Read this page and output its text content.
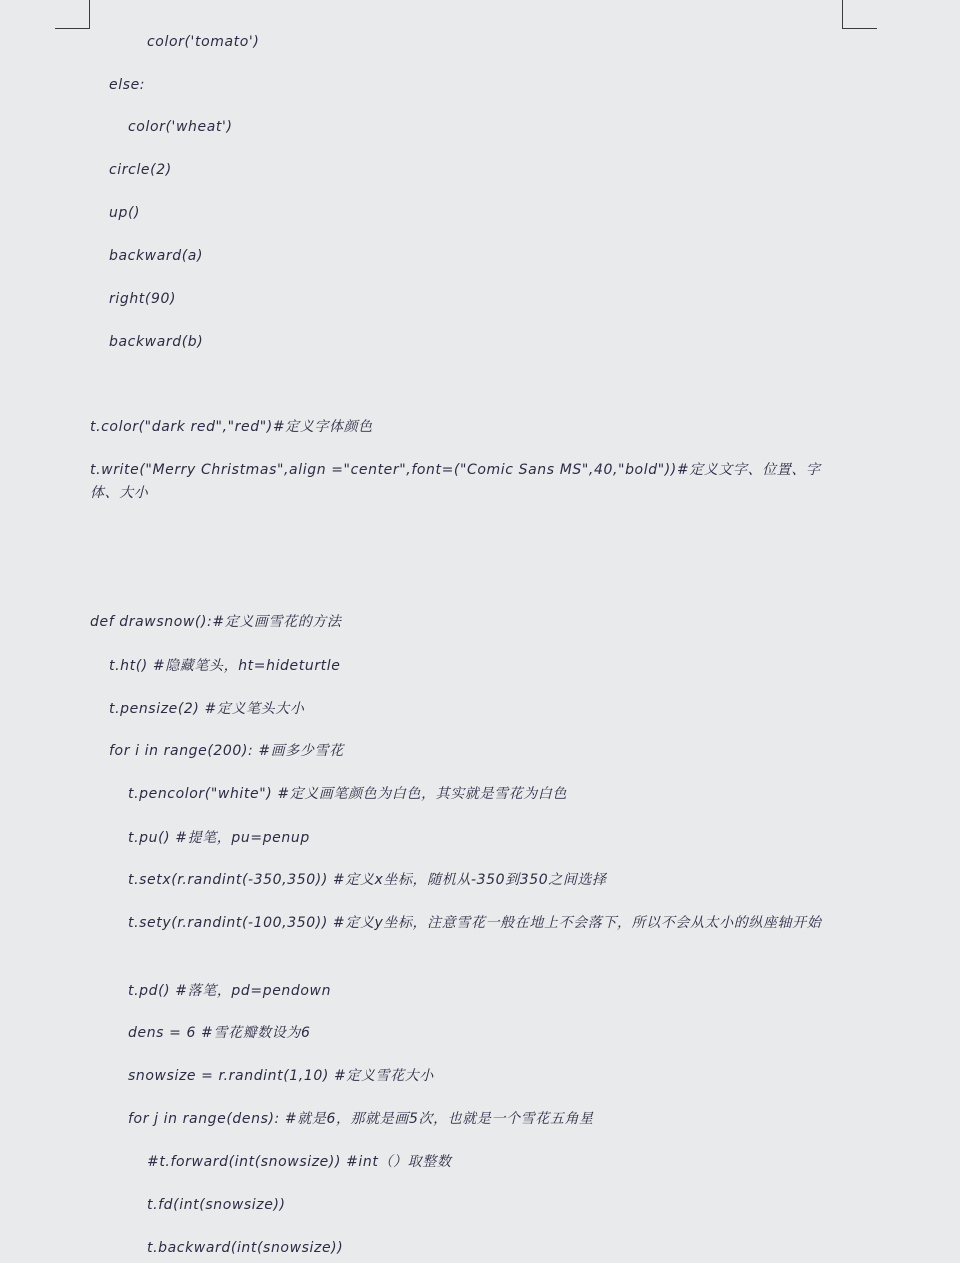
color('tomato')
else:
color('wheat')
circle(2)
up()
backward(a)
right(90)
backward(b)
t.color("dark red","red")#定义字体颜色
t.write("Merry Christmas",align ="center",font=("Comic Sans MS",40,"bold"))#定义文字、位置、字体、大小
def drawsnow():#定义画雪花的方法
t.ht() #隐藏笔头，ht=hideturtle
t.pensize(2) #定义笔头大小
for i in range(200): #画多少雪花
t.pencolor("white") #定义画笔颜色为白色，其实就是雪花为白色
t.pu() #提笔，pu=penup
t.setx(r.randint(-350,350)) #定义x坐标，随机从-350到350之间选择
t.sety(r.randint(-100,350)) #定义y坐标，注意雪花一般在地上不会落下，所以不会从太小的纵座轴开始
t.pd() #落笔，pd=pendown
dens = 6 #雪花瓣数设为6
snowsize = r.randint(1,10) #定义雪花大小
for j in range(dens): #就是6，那就是画5次，也就是一个雪花五角星
#t.forward(int(snowsize)) #int（）取整数
t.fd(int(snowsize))
t.backward(int(snowsize))
